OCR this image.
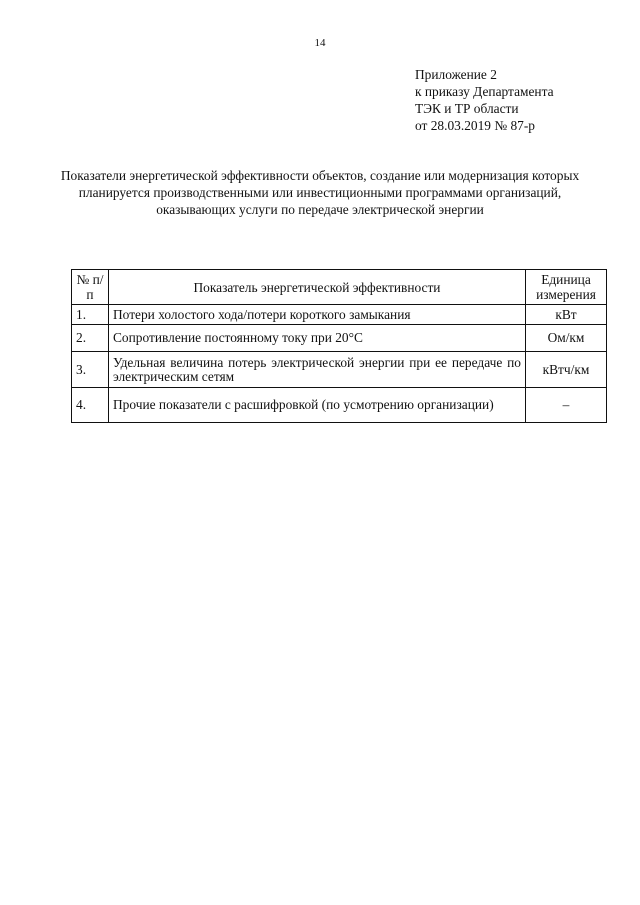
14
Приложение 2
к приказу Департамента
ТЭК и ТР области
от 28.03.2019 № 87-р
Показатели энергетической эффективности объектов, создание или модернизация которых планируется производственными или инвестиционными программами организаций, оказывающих услуги по передаче электрической энергии
№ п/п	Показатель энергетической эффективности	Единица измерения
1.	Потери холостого хода/потери короткого замыкания	кВт
2.	Сопротивление постоянному току при 20°С	Ом/км
3.	Удельная величина потерь электрической энергии при ее передаче по электрическим сетям	кВтч/км
4.	Прочие показатели с расшифровкой (по усмотрению организации)	–
